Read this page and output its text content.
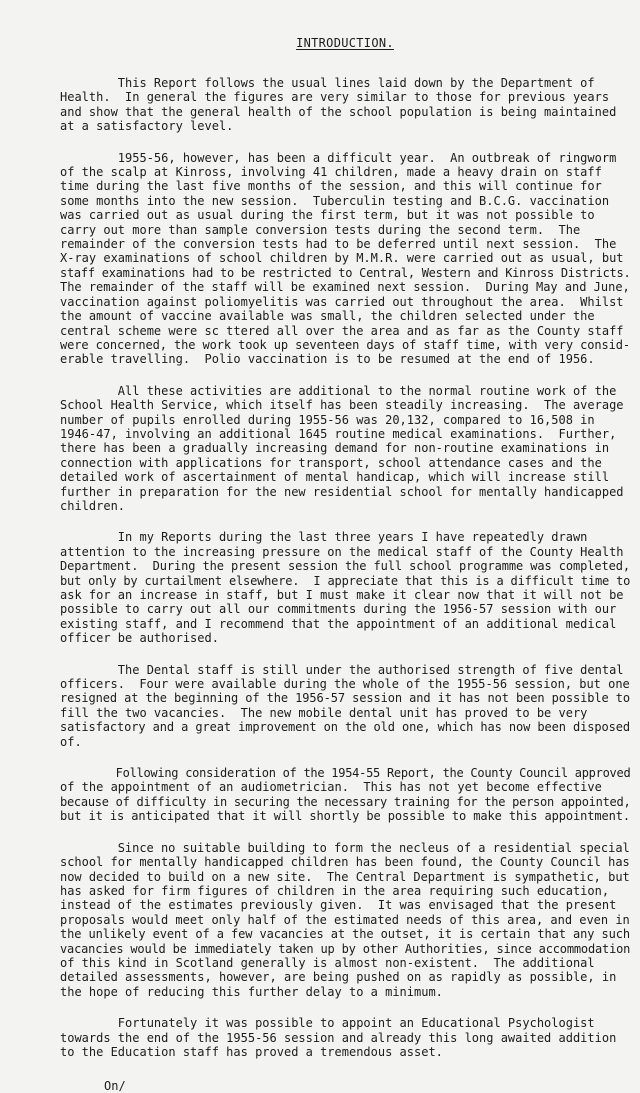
INTRODUCTION.
This Report follows the usual lines laid down by the Department of
Health.  In general the figures are very similar to those for previous years
and show that the general health of the school population is being maintained
at a satisfactory level.
1955-56, however, has been a difficult year.  An outbreak of ringworm
of the scalp at Kinross, involving 41 children, made a heavy drain on staff
time during the last five months of the session, and this will continue for
some months into the new session.  Tuberculin testing and B.C.G. vaccination
was carried out as usual during the first term, but it was not possible to
carry out more than sample conversion tests during the second term.  The
remainder of the conversion tests had to be deferred until next session.  The
X-ray examinations of school children by M.M.R. were carried out as usual, but
staff examinations had to be restricted to Central, Western and Kinross Districts.
The remainder of the staff will be examined next session.  During May and June,
vaccination against poliomyelitis was carried out throughout the area.  Whilst
the amount of vaccine available was small, the children selected under the
central scheme were sc ttered all over the area and as far as the County staff
were concerned, the work took up seventeen days of staff time, with very consid-
erable travelling.  Polio vaccination is to be resumed at the end of 1956.
All these activities are additional to the normal routine work of the
School Health Service, which itself has been steadily increasing.  The average
number of pupils enrolled during 1955-56 was 20,132, compared to 16,508 in
1946-47, involving an additional 1645 routine medical examinations.  Further,
there has been a gradually increasing demand for non-routine examinations in
connection with applications for transport, school attendance cases and the
detailed work of ascertainment of mental handicap, which will increase still
further in preparation for the new residential school for mentally handicapped
children.
In my Reports during the last three years I have repeatedly drawn
attention to the increasing pressure on the medical staff of the County Health
Department.  During the present session the full school programme was completed,
but only by curtailment elsewhere.  I appreciate that this is a difficult time to
ask for an increase in staff, but I must make it clear now that it will not be
possible to carry out all our commitments during the 1956-57 session with our
existing staff, and I recommend that the appointment of an additional medical
officer be authorised.
The Dental staff is still under the authorised strength of five dental
officers.  Four were available during the whole of the 1955-56 session, but one
resigned at the beginning of the 1956-57 session and it has not been possible to
fill the two vacancies.  The new mobile dental unit has proved to be very
satisfactory and a great improvement on the old one, which has now been disposed
of.
Following consideration of the 1954-55 Report, the County Council approved
of the appointment of an audiometrician.  This has not yet become effective
because of difficulty in securing the necessary training for the person appointed,
but it is anticipated that it will shortly be possible to make this appointment.
Since no suitable building to form the necleus of a residential special
school for mentally handicapped children has been found, the County Council has
now decided to build on a new site.  The Central Department is sympathetic, but
has asked for firm figures of children in the area requiring such education,
instead of the estimates previously given.  It was envisaged that the present
proposals would meet only half of the estimated needs of this area, and even in
the unlikely event of a few vacancies at the outset, it is certain that any such
vacancies would be immediately taken up by other Authorities, since accommodation
of this kind in Scotland generally is almost non-existent.  The additional
detailed assessments, however, are being pushed on as rapidly as possible, in
the hope of reducing this further delay to a minimum.
Fortunately it was possible to appoint an Educational Psychologist
towards the end of the 1955-56 session and already this long awaited addition
to the Education staff has proved a tremendous asset.
On/
